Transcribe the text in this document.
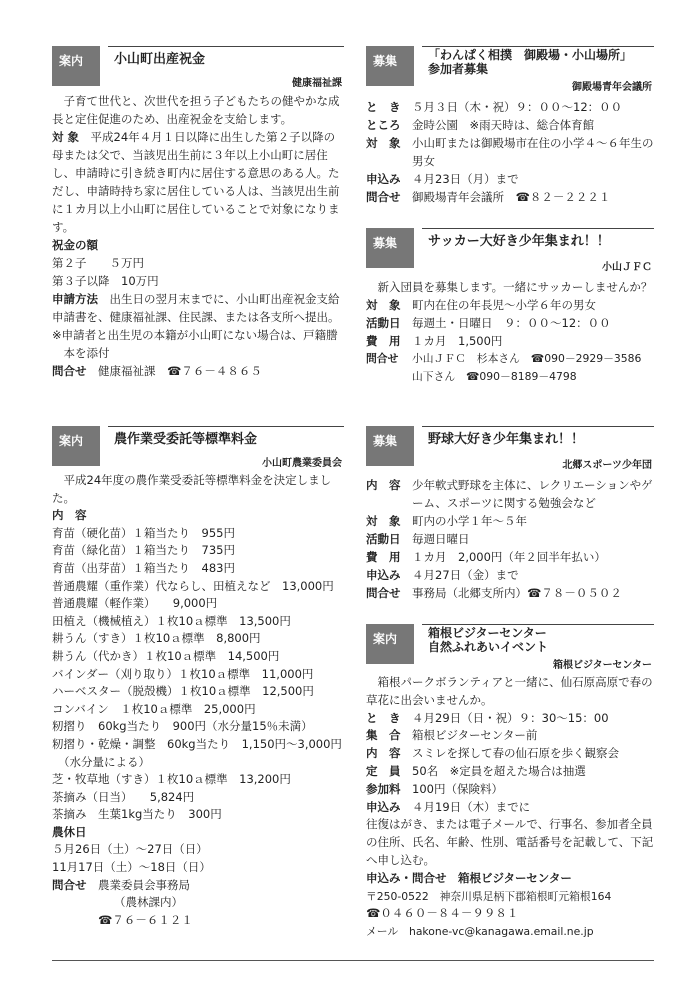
案内	小山町出産祝金
健康福祉課
子育て世代と、次世代を担う子どもたちの健やかな成長と定住促進のため、出産祝金を支給します。
対 象　 平成24年４月１日以降に出生した第２子以降の母または父で、当該児出生前に３年以上小山町に居住し、申請時に引き続き町内に居住する意思のある人。ただし、申請時持ち家に居住している人は、当該児出生前に１カ月以上小山町に居住していることで対象になります。
祝金の額
第２子　　５万円
第３子以降　10万円
申請方法　 出生日の翌月末までに、小山町出産祝金支給申請書を、健康福祉課、住民課、または各支所へ提出。
※申請者と出生児の本籍が小山町にない場合は、戸籍謄本を添付
問合せ　 健康福祉課　☎７６－４８６５
案内	農作業受委託等標準料金
小山町農業委員会
平成24年度の農作業受委託等標準料金を決定しました。
内　容
育苗（硬化苗）１箱当たり　955円
育苗（緑化苗）１箱当たり　735円
育苗（出芽苗）１箱当たり　483円
普通農耀（重作業）代ならし、田植えなど　13,000円
普通農耀（軽作業）　　9,000円
田植え（機械植え）１枚10ａ標準　13,500円
耕うん（すき）１枚10ａ標準　8,800円
耕うん（代かき）１枚10ａ標準　14,500円
バインダー（刈り取り）１枚10ａ標準　11,000円
ハーベスター（脱殻機）１枚10ａ標準　12,500円
コンバイン　１枚10ａ標準　25,000円
籾摺り　60kg当たり　900円（水分量15％未満）
籾摺り・乾燥・調整　60kg当たり　1,150円～3,000円
（水分量による）
芝・牧草地（すき）１枚10ａ標準　13,200円
茶摘み（日当）　　5,824円
茶摘み　生葉1kg当たり　300円
農休日
５月26日（土）～27日（日）
11月17日（土）～18日（日）
問合せ 農業委員会事務局
（農林課内）
☎７６－６１２１
募集	「わんぱく相撲　御殿場・小山場所」
参加者募集
御殿場青年会議所
と　き ５月３日（木・祝）９：００～12：００
ところ 金時公園　※雨天時は、総合体育館
対　象 小山町または御殿場市在住の小学４～６年生の男女
申込み ４月23日（月）まで
問合せ 御殿場青年会議所　☎８２－２２２１
募集	サッカー大好き少年集まれ！！
小山ＪＦＣ
新入団員を募集します。一緒にサッカーしませんか？
対　象 町内在住の年長児～小学６年の男女
活動日 毎週土・日曜日　９：００～12：００
費　用 １カ月　1,500円
問合せ 小山ＪＦＣ　杉本さん　☎090－2929－3586
山下さん　☎090－8189－4798
募集	野球大好き少年集まれ！！
北郷スポーツ少年団
内　容 少年軟式野球を主体に、レクリエーションやゲーム、スポーツに関する勉強会など
対　象 町内の小学１年～５年
活動日 毎週日曜日
費　用 １カ月　2,000円（年２回半年払い）
申込み ４月27日（金）まで
問合せ 事務局（北郷支所内）☎７８－０５０２
案内	箱根ビジターセンター
自然ふれあいイベント
箱根ビジターセンター
箱根パークボランティアと一緒に、仙石原高原で春の草花に出会いませんか。
と　き ４月29日（日・祝）９：30～15：00
集　合 箱根ビジターセンター前
内　容 スミレを探して春の仙石原を歩く観察会
定　員 50名　※定員を超えた場合は抽選
参加料 100円（保険料）
申込み ４月19日（木）までに
往復はがき、または電子メールで、行事名、参加者全員の住所、氏名、年齢、性別、電話番号を記載して、下記へ申し込む。
申込み・問合せ　箱根ビジターセンター
〒250-0522　神奈川県足柄下郡箱根町元箱根164
☎０４６０－８４－９９８１
メール　hakone-vc@kanagawa.email.ne.jp
